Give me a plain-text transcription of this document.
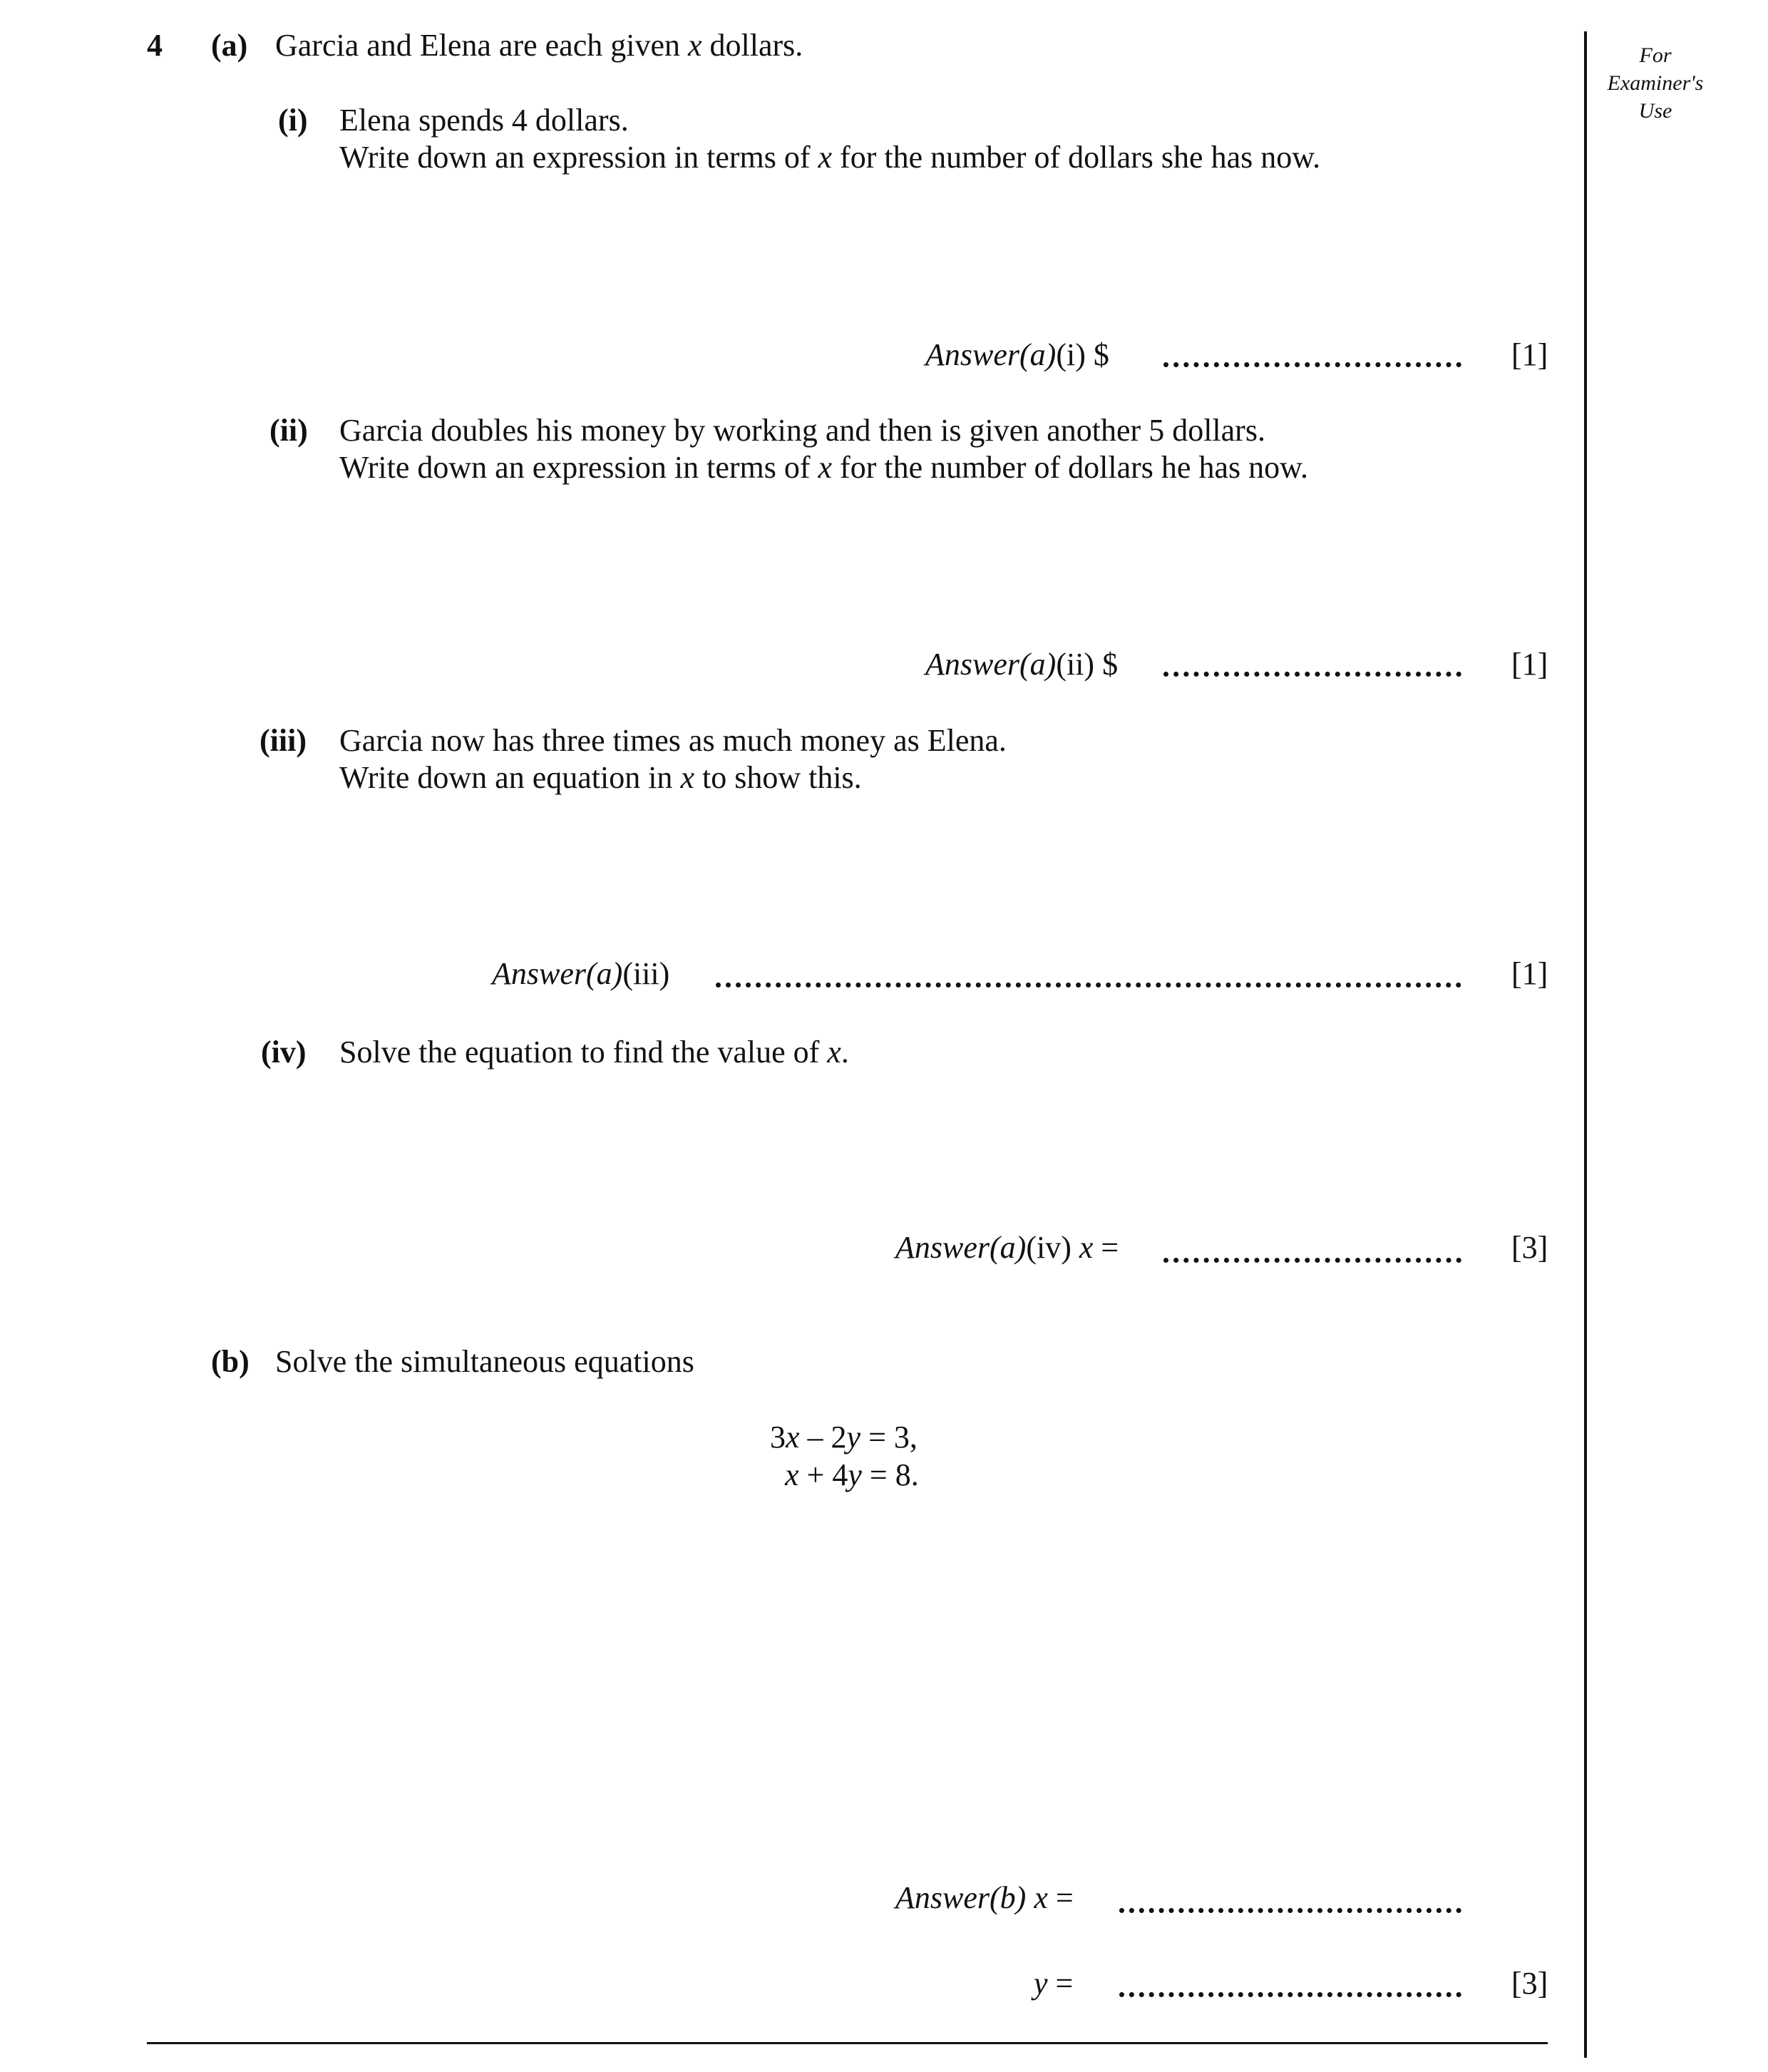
For
Examiner's
Use
4 (a) Garcia and Elena are each given x dollars.
(i) Elena spends 4 dollars.
Write down an expression in terms of x for the number of dollars she has now.
Answer(a)(i) $	[1]
(ii) Garcia doubles his money by working and then is given another 5 dollars.
Write down an expression in terms of x for the number of dollars he has now.
Answer(a)(ii) $	[1]
(iii) Garcia now has three times as much money as Elena.
Write down an equation in x to show this.
Answer(a)(iii)	[1]
(iv) Solve the equation to find the value of x.
Answer(a)(iv) x =	[3]
(b) Solve the simultaneous equations
3x – 2y = 3,
x + 4y = 8.
Answer(b) x =
y =	[3]
